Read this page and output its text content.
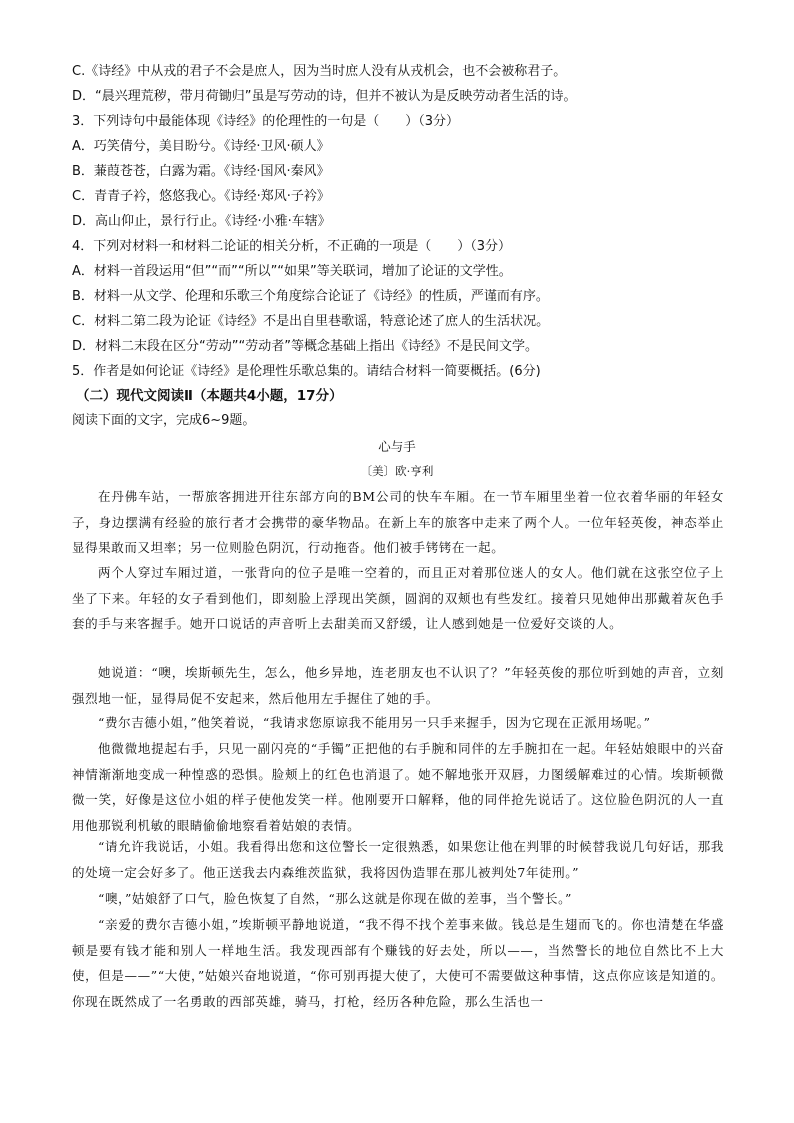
C.《诗经》中从戎的君子不会是庶人，因为当时庶人没有从戎机会，也不会被称君子。
D．“晨兴理荒秽，带月荷锄归”虽是写劳动的诗，但并不被认为是反映劳动者生活的诗。
3．下列诗句中最能体现《诗经》的伦理性的一句是（　　）（3分）
A．巧笑倩兮，美目盼兮。《诗经·卫风·硕人》
B．蒹葭苍苍，白露为霜。《诗经·国风·秦风》
C．青青子衿，悠悠我心。《诗经·郑风·子衿》
D．高山仰止，景行行止。《诗经·小雅·车辖》
4．下列对材料一和材料二论证的相关分析，不正确的一项是（　　）（3分）
A．材料一首段运用“但”“而”“所以”“如果”等关联词，增加了论证的文学性。
B．材料一从文学、伦理和乐歌三个角度综合论证了《诗经》的性质，严谨而有序。
C．材料二第二段为论证《诗经》不是出自里巷歌谣，特意论述了庶人的生活状况。
D．材料二末段在区分“劳动”“劳动者”等概念基础上指出《诗经》不是民间文学。
5．作者是如何论证《诗经》是伦理性乐歌总集的。请结合材料一简要概括。(6分)
（二）现代文阅读Ⅱ（本题共4小题，17分）
阅读下面的文字，完成6~9题。
心与手
〔美〕欧·亨利

在丹佛车站，一帮旅客拥进开往东部方向的BM公司的快车车厢。在一节车厢里坐着一位衣着华丽的年轻女子，身边摆满有经验的旅行者才会携带的豪华物品。在新上车的旅客中走来了两个人。一位年轻英俊，神态举止显得果敢而又坦率；另一位则脸色阴沉，行动拖沓。他们被手铐铐在一起。

两个人穿过车厢过道，一张背向的位子是唯一空着的，而且正对着那位迷人的女人。他们就在这张空位子上坐了下来。年轻的女子看到他们，即刻脸上浮现出笑颜，圆润的双颊也有些发红。接着只见她伸出那戴着灰色手套的手与来客握手。她开口说话的声音听上去甜美而又舒缓，让人感到她是一位爱好交谈的人。

她说道：“噢，埃斯顿先生，怎么，他乡异地，连老朋友也不认识了？”年轻英俊的那位听到她的声音，立刻强烈地一怔，显得局促不安起来，然后他用左手握住了她的手。

“费尔吉德小姐，”他笑着说，“我请求您原谅我不能用另一只手来握手，因为它现在正派用场呢。”

他微微地提起右手，只见一副闪亮的“手镯”正把他的右手腕和同伴的左手腕扣在一起。年轻姑娘眼中的兴奋神情渐渐地变成一种惶惑的恐惧。脸颊上的红色也消退了。她不解地张开双唇，力图缓解难过的心情。埃斯顿微微一笑，好像是这位小姐的样子使他发笑一样。他刚要开口解释，他的同伴抢先说话了。这位脸色阴沉的人一直用他那锐利机敏的眼睛偷偷地察看着姑娘的表情。

“请允许我说话，小姐。我看得出您和这位警长一定很熟悉，如果您让他在判罪的时候替我说几句好话，那我的处境一定会好多了。他正送我去内森维茨监狱，我将因伪造罪在那儿被判处7年徒刑。”

“噢，”姑娘舒了口气，脸色恢复了自然，“那么这就是你现在做的差事，当个警长。”

“亲爱的费尔吉德小姐，”埃斯顿平静地说道，“我不得不找个差事来做。钱总是生翅而飞的。你也清楚在华盛顿是要有钱才能和别人一样地生活。我发现西部有个赚钱的好去处，所以——，当然警长的地位自然比不上大使，但是——”“大使，”姑娘兴奋地说道，“你可别再提大使了，大使可不需要做这种事情，这点你应该是知道的。你现在既然成了一名勇敢的西部英雄，骑马，打枪，经历各种危险，那么生活也一
